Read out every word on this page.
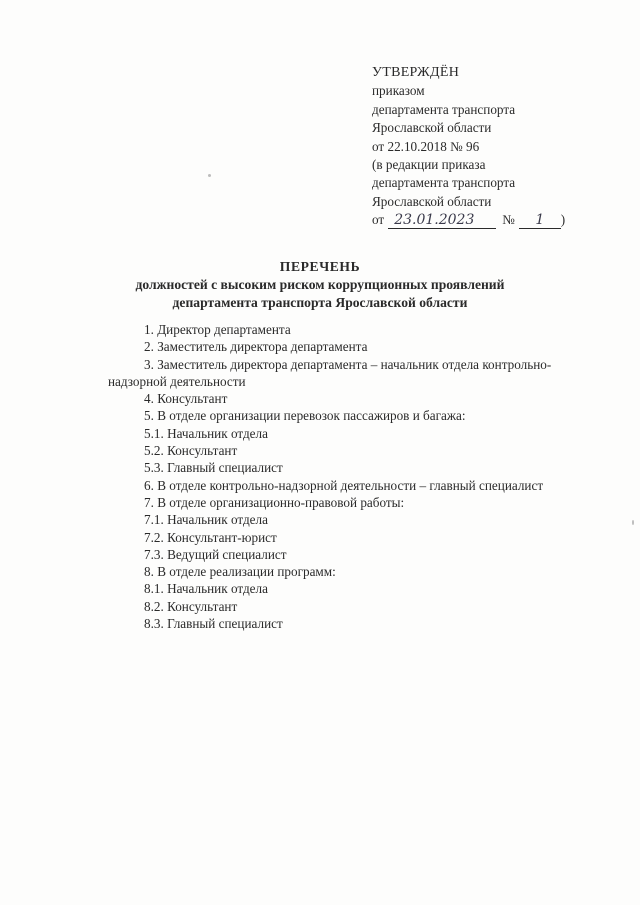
УТВЕРЖДЁН
приказом
департамента транспорта
Ярославской области
от 22.10.2018 № 96
(в редакции приказа
департамента транспорта
Ярославской области
от 23.01.2023 № 1 )
ПЕРЕЧЕНЬ
должностей с высоким риском коррупционных проявлений
департамента транспорта Ярославской области
1. Директор департамента
2. Заместитель директора департамента
3. Заместитель директора департамента – начальник отдела контрольно-надзорной деятельности
4. Консультант
5. В отделе организации перевозок пассажиров и багажа:
5.1. Начальник отдела
5.2. Консультант
5.3. Главный специалист
6. В отделе контрольно-надзорной деятельности – главный специалист
7. В отделе организационно-правовой работы:
7.1. Начальник отдела
7.2. Консультант-юрист
7.3. Ведущий специалист
8. В отделе реализации программ:
8.1. Начальник отдела
8.2. Консультант
8.3. Главный специалист
